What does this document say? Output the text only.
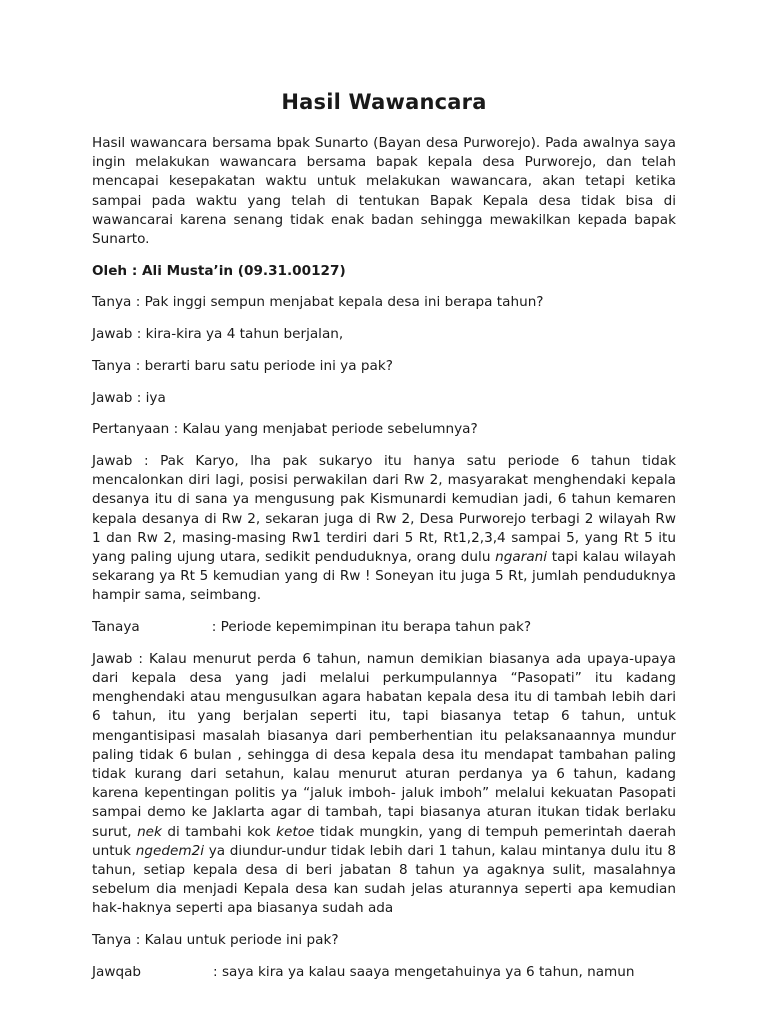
Hasil Wawancara

Hasil wawancara bersama bpak Sunarto (Bayan desa Purworejo). Pada awalnya saya ingin melakukan wawancara bersama bapak kepala desa Purworejo, dan telah mencapai kesepakatan waktu untuk melakukan wawancara, akan tetapi ketika sampai pada waktu yang telah di tentukan Bapak Kepala desa tidak bisa di wawancarai karena senang tidak enak badan sehingga mewakilkan kepada bapak Sunarto.

Oleh : Ali Musta’in (09.31.00127)

Tanya : Pak inggi sempun menjabat kepala desa ini berapa tahun?

Jawab : kira-kira ya 4 tahun berjalan,

Tanya : berarti baru satu periode ini ya pak?

Jawab : iya

Pertanyaan : Kalau yang menjabat periode sebelumnya?

Jawab : Pak Karyo, lha pak sukaryo itu hanya satu periode 6 tahun tidak mencalonkan diri lagi, posisi perwakilan dari Rw 2, masyarakat menghendaki kepala desanya itu di sana ya mengusung pak Kismunardi kemudian jadi, 6 tahun kemaren kepala desanya di Rw 2, sekaran juga di Rw 2, Desa Purworejo terbagi 2 wilayah Rw 1 dan Rw 2, masing-masing Rw1 terdiri dari 5 Rt, Rt1,2,3,4 sampai 5, yang Rt 5 itu yang paling ujung utara, sedikit penduduknya, orang dulu ngarani tapi kalau wilayah sekarang ya Rt 5 kemudian yang di Rw ! Soneyan itu juga 5 Rt, jumlah penduduknya hampir sama, seimbang.

Tanaya	: Periode kepemimpinan itu berapa tahun pak?

Jawab : Kalau menurut perda 6 tahun, namun demikian biasanya ada upaya-upaya dari kepala desa yang jadi melalui perkumpulannya “Pasopati” itu kadang menghendaki atau mengusulkan agara habatan kepala desa itu di tambah lebih dari 6 tahun, itu yang berjalan seperti itu, tapi biasanya tetap 6 tahun, untuk mengantisipasi masalah biasanya dari pemberhentian itu pelaksanaannya mundur paling tidak 6 bulan , sehingga di desa kepala desa itu mendapat tambahan paling tidak kurang dari setahun, kalau menurut aturan perdanya ya 6 tahun, kadang karena kepentingan politis ya “jaluk imboh- jaluk imboh” melalui kekuatan Pasopati sampai demo ke Jaklarta agar di tambah, tapi biasanya aturan itukan tidak berlaku surut, nek di tambahi kok ketoe tidak mungkin, yang di tempuh pemerintah daerah untuk ngedem2i ya diundur-undur tidak lebih dari 1 tahun, kalau mintanya dulu itu 8 tahun, setiap kepala desa di beri jabatan 8 tahun ya agaknya sulit, masalahnya sebelum dia menjadi Kepala desa kan sudah jelas aturannya seperti apa kemudian hak-haknya seperti apa biasanya sudah ada

Tanya : Kalau untuk periode ini pak?

Jawqab	: saya kira ya kalau saaya mengetahuinya ya 6 tahun, namun
